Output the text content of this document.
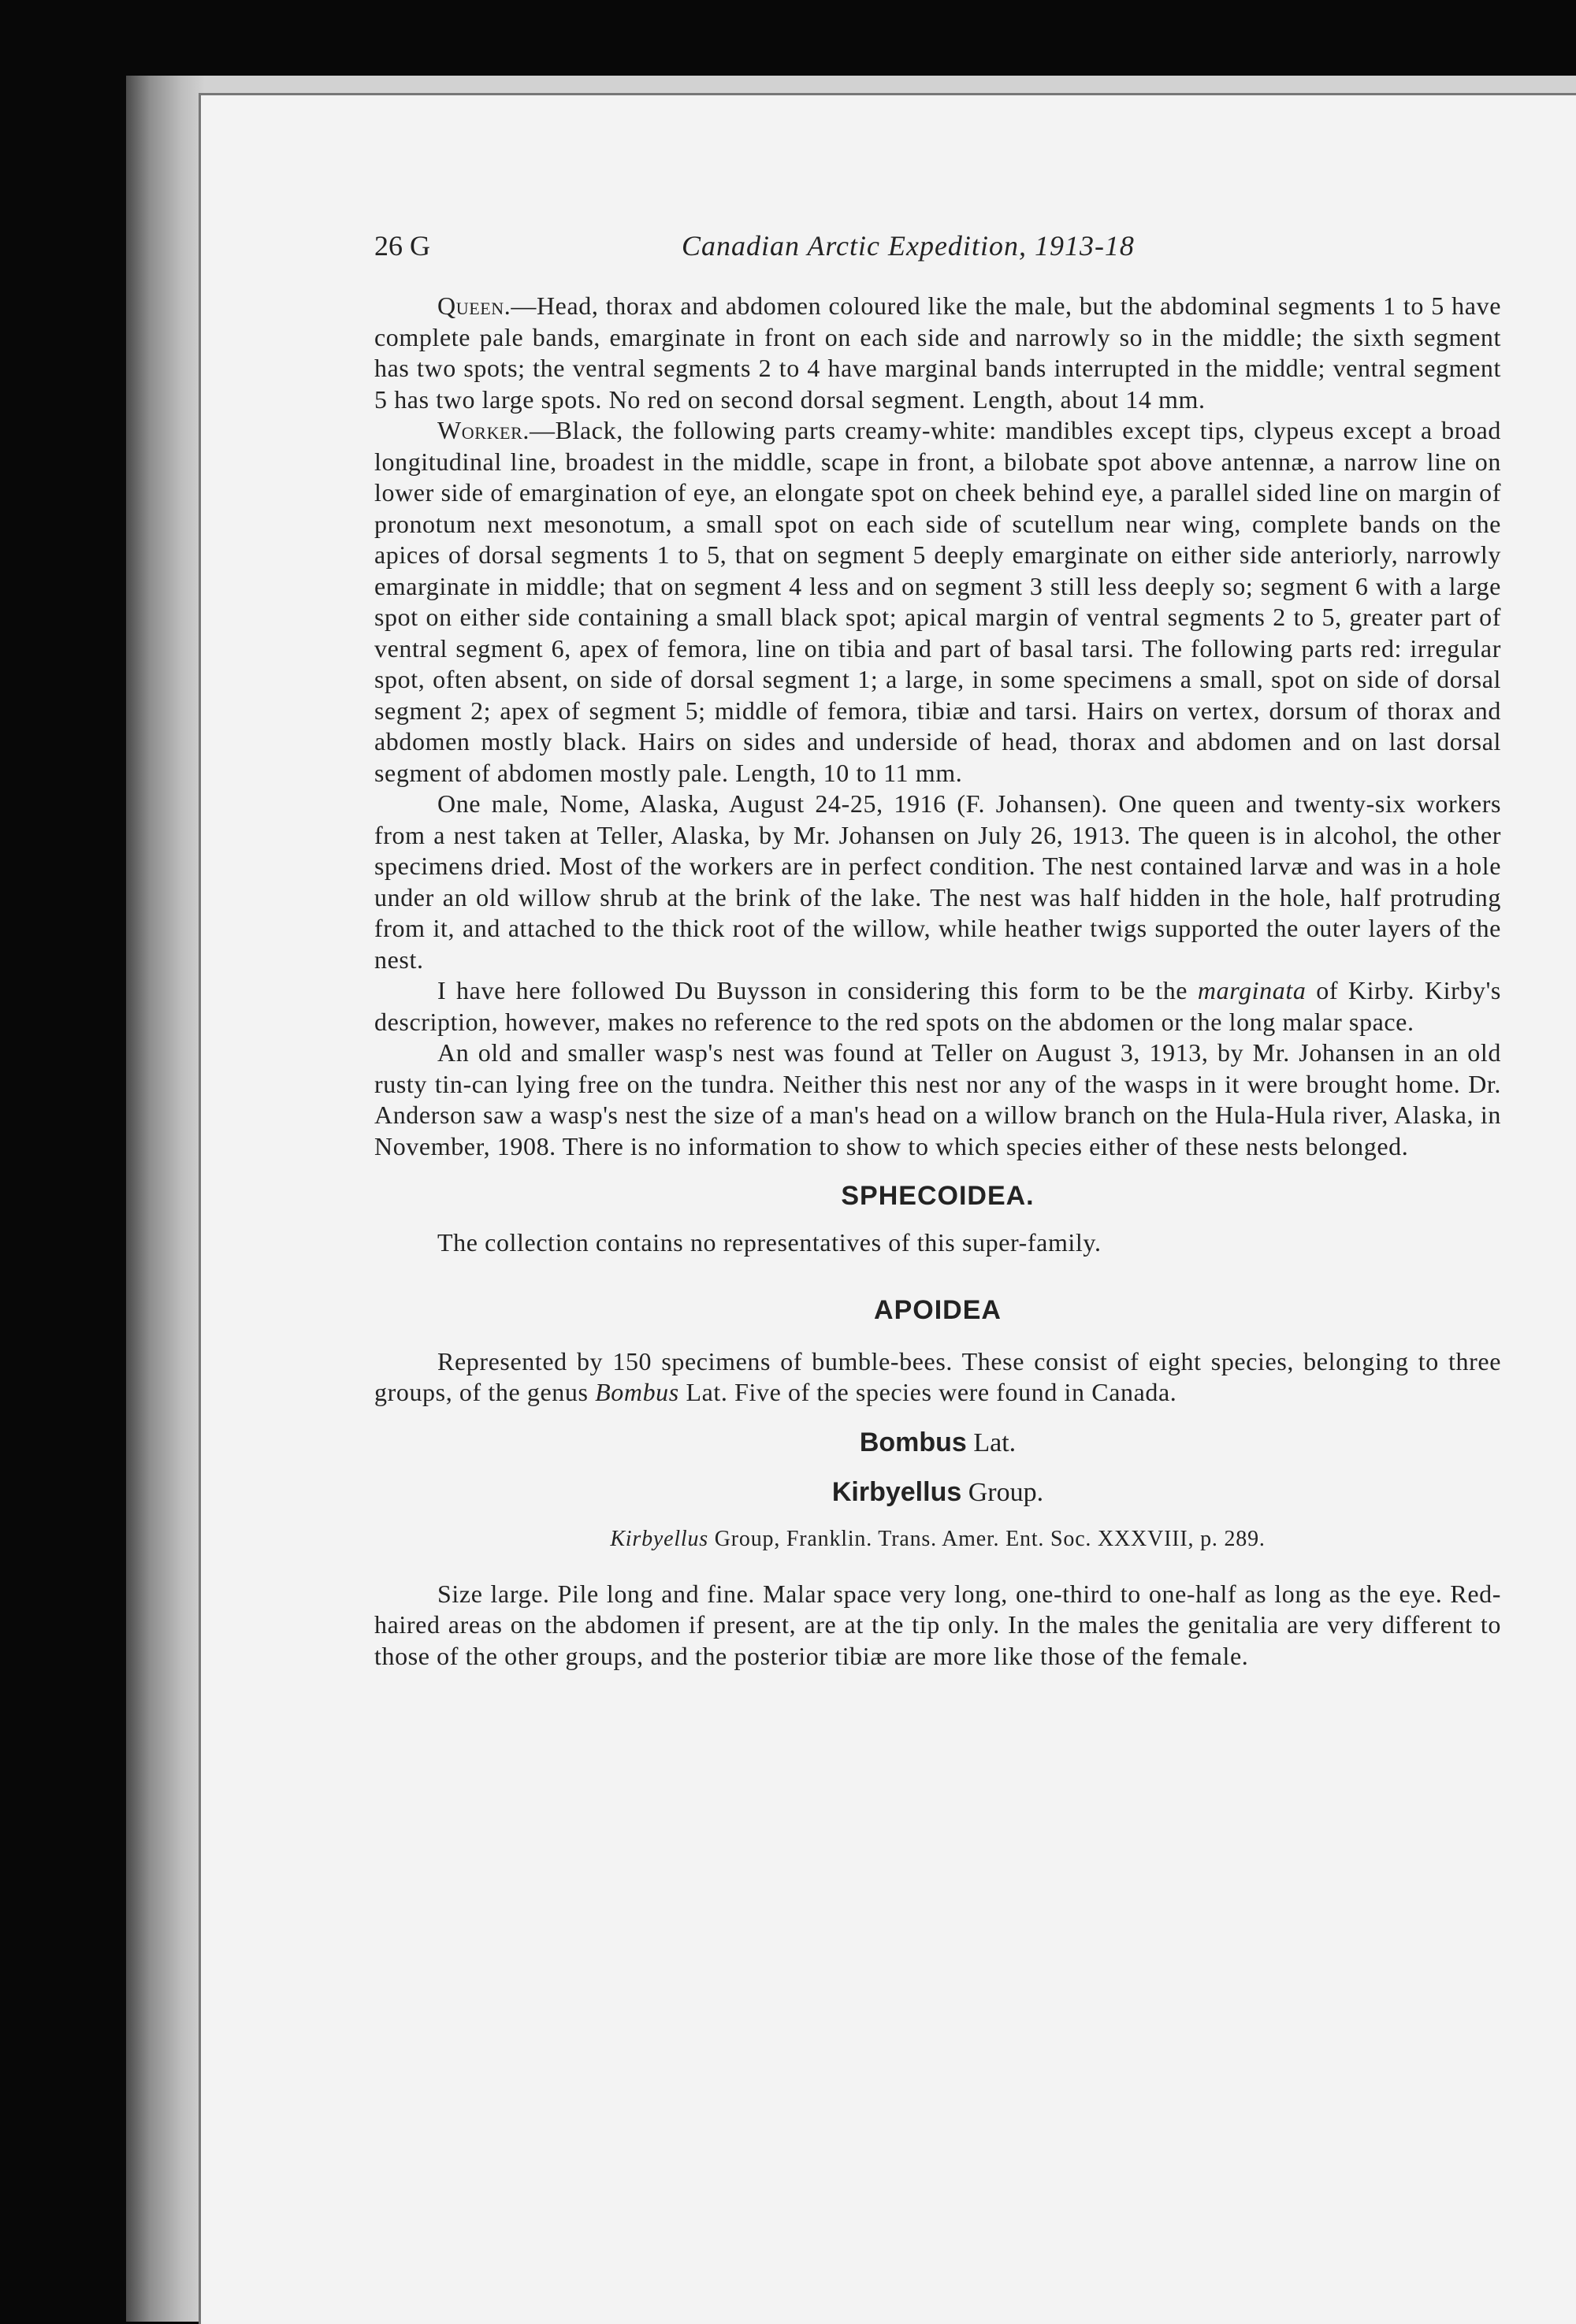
26 G	Canadian Arctic Expedition, 1913-18

Queen.—Head, thorax and abdomen coloured like the male, but the abdominal segments 1 to 5 have complete pale bands, emarginate in front on each side and narrowly so in the middle; the sixth segment has two spots; the ventral segments 2 to 4 have marginal bands interrupted in the middle; ventral segment 5 has two large spots. No red on second dorsal segment. Length, about 14 mm.

Worker.—Black, the following parts creamy-white: mandibles except tips, clypeus except a broad longitudinal line, broadest in the middle, scape in front, a bilobate spot above antennæ, a narrow line on lower side of emargination of eye, an elongate spot on cheek behind eye, a parallel sided line on margin of pronotum next mesonotum, a small spot on each side of scutellum near wing, complete bands on the apices of dorsal segments 1 to 5, that on segment 5 deeply emarginate on either side anteriorly, narrowly emarginate in middle; that on segment 4 less and on segment 3 still less deeply so; segment 6 with a large spot on either side containing a small black spot; apical margin of ventral segments 2 to 5, greater part of ventral segment 6, apex of femora, line on tibia and part of basal tarsi. The following parts red: irregular spot, often absent, on side of dorsal segment 1; a large, in some specimens a small, spot on side of dorsal segment 2; apex of segment 5; middle of femora, tibiæ and tarsi. Hairs on vertex, dorsum of thorax and abdomen mostly black. Hairs on sides and underside of head, thorax and abdomen and on last dorsal segment of abdomen mostly pale. Length, 10 to 11 mm.

One male, Nome, Alaska, August 24-25, 1916 (F. Johansen). One queen and twenty-six workers from a nest taken at Teller, Alaska, by Mr. Johansen on July 26, 1913. The queen is in alcohol, the other specimens dried. Most of the workers are in perfect condition. The nest contained larvæ and was in a hole under an old willow shrub at the brink of the lake. The nest was half hidden in the hole, half protruding from it, and attached to the thick root of the willow, while heather twigs supported the outer layers of the nest.

I have here followed Du Buysson in considering this form to be the marginata of Kirby. Kirby's description, however, makes no reference to the red spots on the abdomen or the long malar space.

An old and smaller wasp's nest was found at Teller on August 3, 1913, by Mr. Johansen in an old rusty tin-can lying free on the tundra. Neither this nest nor any of the wasps in it were brought home. Dr. Anderson saw a wasp's nest the size of a man's head on a willow branch on the Hula-Hula river, Alaska, in November, 1908. There is no information to show to which species either of these nests belonged.

SPHECOIDEA.

The collection contains no representatives of this super-family.

APOIDEA

Represented by 150 specimens of bumble-bees. These consist of eight species, belonging to three groups, of the genus Bombus Lat. Five of the species were found in Canada.

Bombus Lat.
Kirbyellus Group.
Kirbyellus Group, Franklin. Trans. Amer. Ent. Soc. XXXVIII, p. 289.

Size large. Pile long and fine. Malar space very long, one-third to one-half as long as the eye. Red-haired areas on the abdomen if present, are at the tip only. In the males the genitalia are very different to those of the other groups, and the posterior tibiæ are more like those of the female.
